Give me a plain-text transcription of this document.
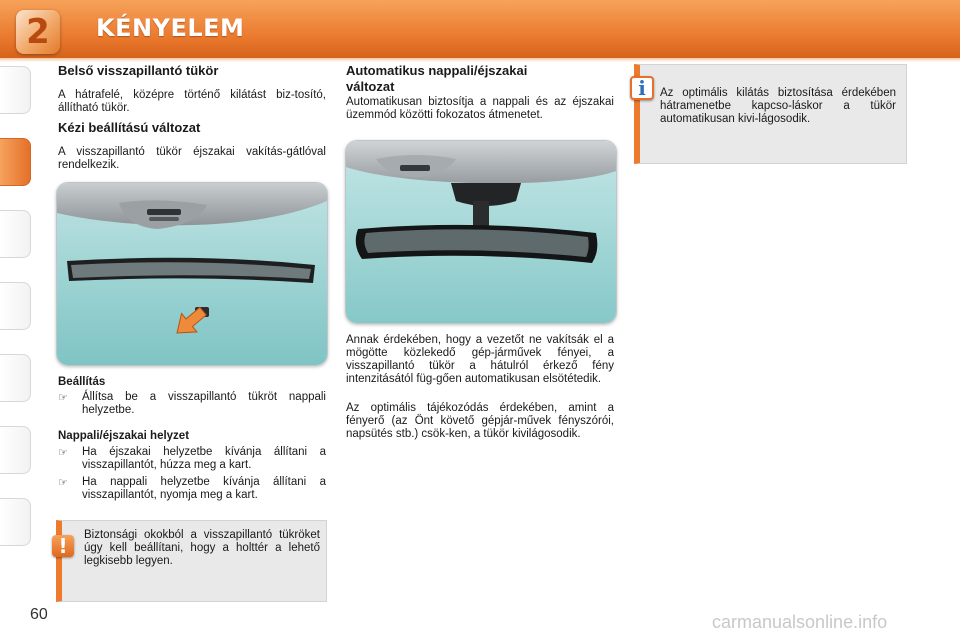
2	KÉNYELEM
Belső visszapillantó tükör

A hátrafelé, középre történő kilátást biz-tosító, állítható tükör.

Kézi beállítású változat

A visszapillantó tükör éjszakai vakítás-gátlóval rendelkezik.

Beállítás
☞ Állítsa be a visszapillantó tükröt nappali helyzetbe.
Nappali/éjszakai helyzet
☞ Ha éjszakai helyzetbe kívánja állítani a visszapillantót, húzza meg a kart.
☞ Ha nappali helyzetbe kívánja állítani a visszapillantót, nyomja meg a kart.
Biztonsági okokból a visszapillantó tükröket úgy kell beállítani, hogy a holttér a lehető legkisebb legyen.
!
Automatikus nappali/éjszakai
változat

Automatikusan biztosítja a nappali és az éjszakai üzemmód közötti fokozatos átmenetet.

Annak érdekében, hogy a vezetőt ne vakítsák el a mögötte közlekedő gép-járművek fényei, a visszapillantó tükör a hátulról érkező fény intenzitásától füg-gően automatikusan elsötétedik.

Az optimális tájékozódás érdekében, amint a fényerő (az Önt követő gépjár-művek fényszórói, napsütés stb.) csök-ken, a tükör kivilágosodik.

Az optimális kilátás biztosítása érdekében hátramenetbe kapcso-láskor a tükör automatikusan kivi-lágosodik.
i
60	carmanualsonline.info
